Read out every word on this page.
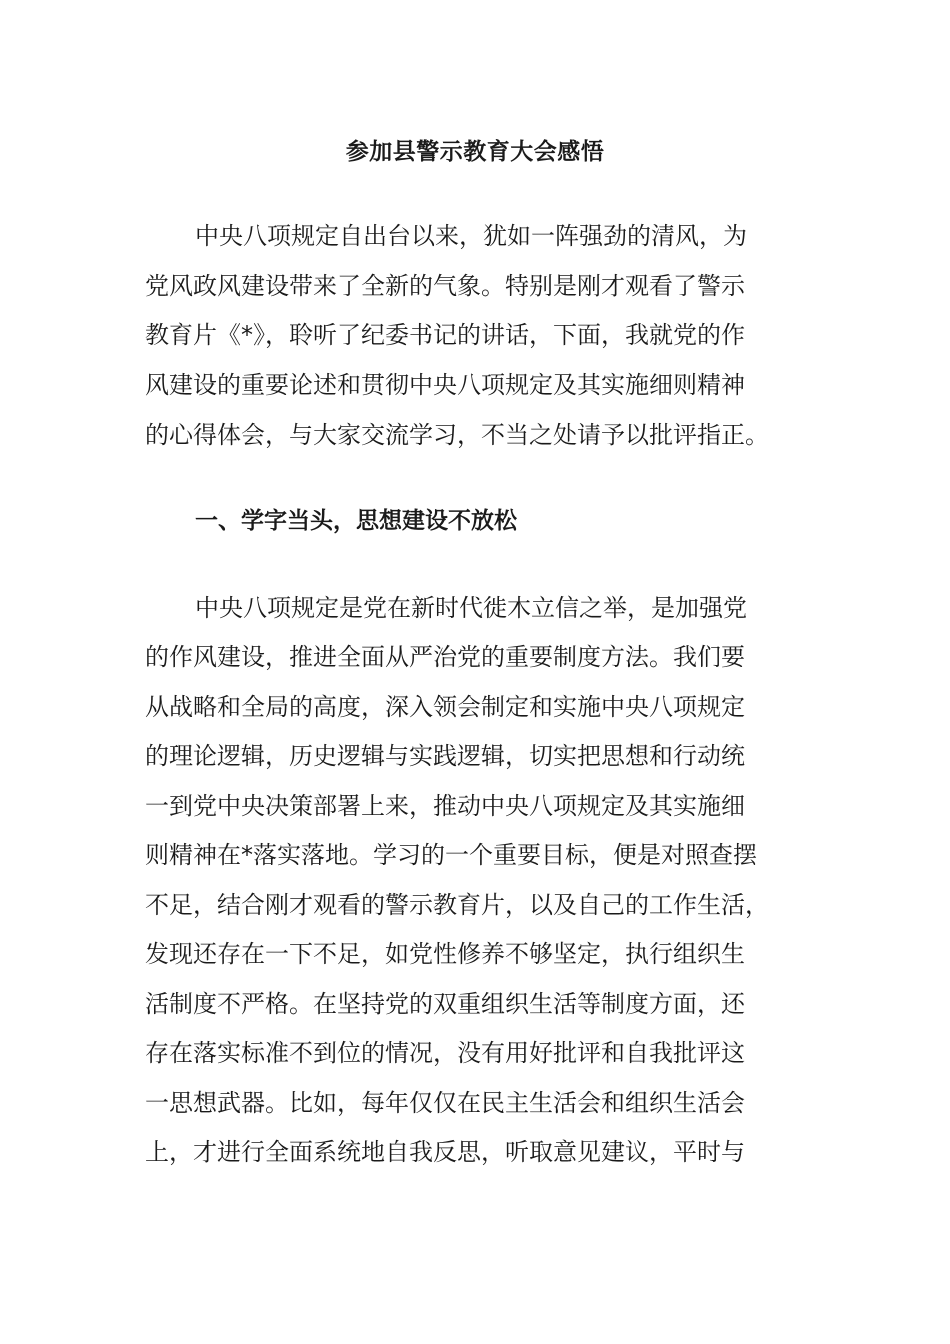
参加县警示教育大会感悟
中央八项规定自出台以来，犹如一阵强劲的清风，为
党风政风建设带来了全新的气象。特别是刚才观看了警示
教育片《*》，聆听了纪委书记的讲话，下面，我就党的作
风建设的重要论述和贯彻中央八项规定及其实施细则精神
的心得体会，与大家交流学习，不当之处请予以批评指正。
一、学字当头，思想建设不放松
中央八项规定是党在新时代徙木立信之举，是加强党
的作风建设，推进全面从严治党的重要制度方法。我们要
从战略和全局的高度，深入领会制定和实施中央八项规定
的理论逻辑，历史逻辑与实践逻辑，切实把思想和行动统
一到党中央决策部署上来，推动中央八项规定及其实施细
则精神在*落实落地。学习的一个重要目标，便是对照查摆
不足，结合刚才观看的警示教育片，以及自己的工作生活，
发现还存在一下不足，如党性修养不够坚定，执行组织生
活制度不严格。在坚持党的双重组织生活等制度方面，还
存在落实标准不到位的情况，没有用好批评和自我批评这
一思想武器。比如，每年仅仅在民主生活会和组织生活会
上，才进行全面系统地自我反思，听取意见建议，平时与
